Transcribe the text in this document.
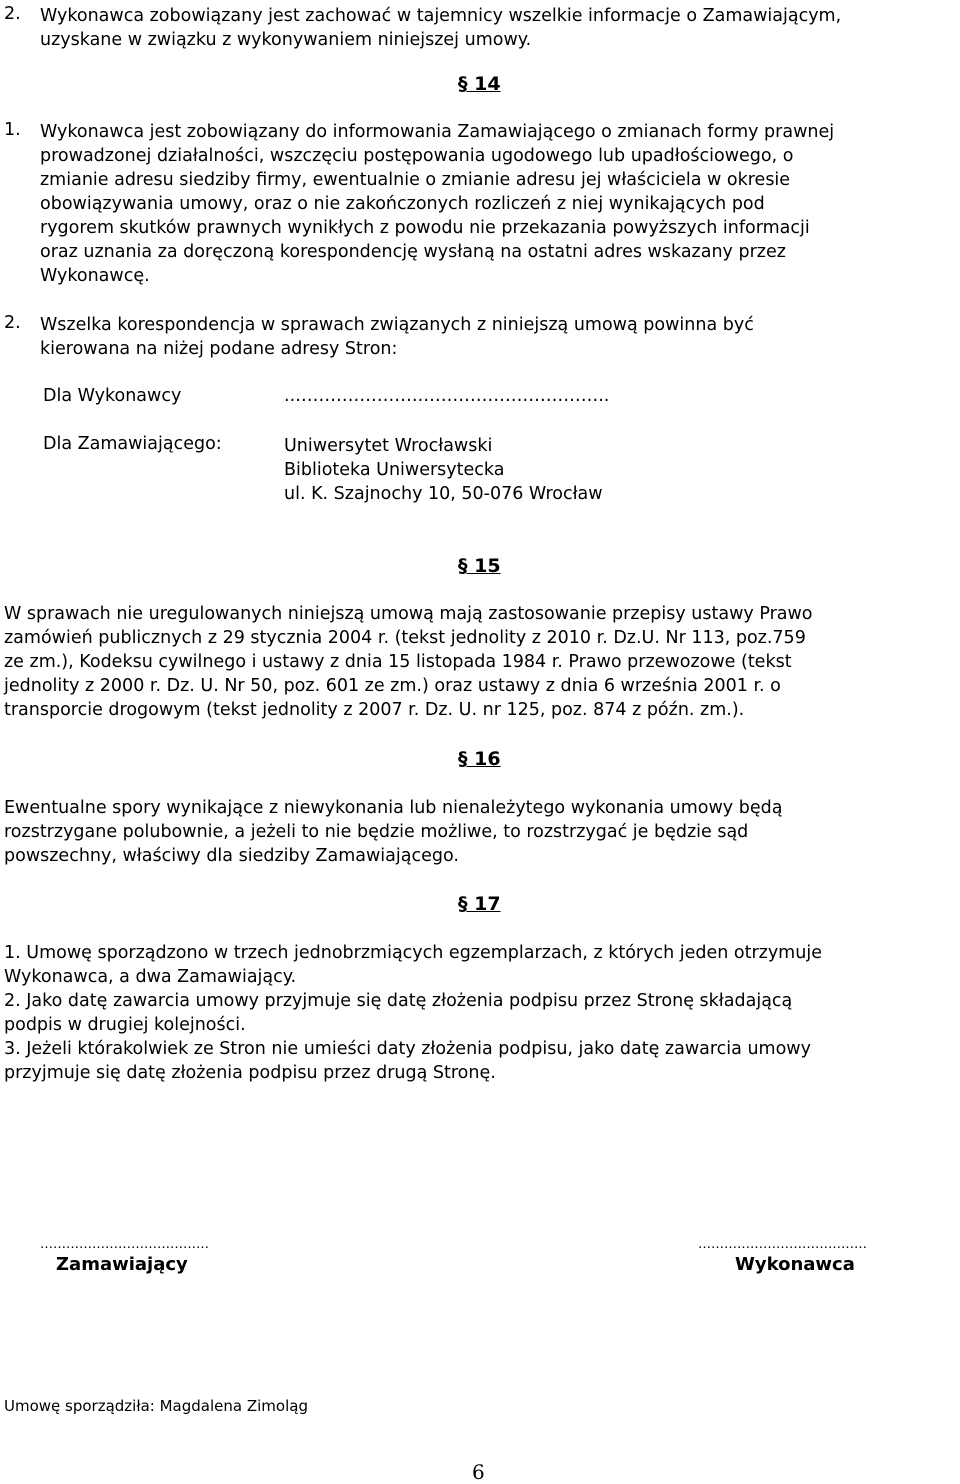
2. Wykonawca zobowiązany jest zachować w tajemnicy wszelkie informacje o Zamawiającym,
uzyskane w związku z wykonywaniem niniejszej umowy.
§ 14
1. Wykonawca jest zobowiązany do informowania Zamawiającego o zmianach formy prawnej
prowadzonej działalności, wszczęciu postępowania ugodowego lub upadłościowego, o
zmianie adresu siedziby firmy, ewentualnie o zmianie adresu jej właściciela w okresie
obowiązywania umowy, oraz o nie zakończonych rozliczeń z niej wynikających pod
rygorem skutków prawnych wynikłych z powodu nie przekazania powyższych informacji
oraz uznania za doręczoną korespondencję wysłaną na ostatni adres wskazany przez
Wykonawcę.
2. Wszelka korespondencja w sprawach związanych z niniejszą umową powinna być
kierowana na niżej podane adresy Stron:
Dla Wykonawcy	..………………….…………………………..
Dla Zamawiającego:	Uniwersytet Wrocławski
Biblioteka Uniwersytecka
ul. K. Szajnochy 10, 50-076 Wrocław
§ 15
W sprawach nie uregulowanych niniejszą umową mają zastosowanie przepisy ustawy Prawo
zamówień publicznych z 29 stycznia 2004 r. (tekst jednolity z 2010 r. Dz.U. Nr 113, poz.759
ze zm.), Kodeksu cywilnego i ustawy z dnia 15 listopada 1984 r. Prawo przewozowe (tekst
jednolity z 2000 r. Dz. U. Nr 50, poz. 601 ze zm.) oraz ustawy z dnia 6 września 2001 r. o
transporcie drogowym (tekst jednolity z 2007 r. Dz. U. nr 125, poz. 874 z późn. zm.).
§ 16
Ewentualne spory wynikające z niewykonania lub nienależytego wykonania umowy będą
rozstrzygane polubownie, a jeżeli to nie będzie możliwe, to rozstrzygać je będzie sąd
powszechny, właściwy dla siedziby Zamawiającego.
§ 17
1. Umowę sporządzono w trzech jednobrzmiących egzemplarzach, z których jeden otrzymuje
Wykonawca, a dwa Zamawiający.
2. Jako datę zawarcia umowy przyjmuje się datę złożenia podpisu przez Stronę składającą
podpis w drugiej kolejności.
3. Jeżeli którakolwiek ze Stron nie umieści daty złożenia podpisu, jako datę zawarcia umowy
przyjmuje się datę złożenia podpisu przez drugą Stronę.
…………………………………
Zamawiający
…………………………………
Wykonawca
Umowę sporządziła: Magdalena Zimoląg
6
